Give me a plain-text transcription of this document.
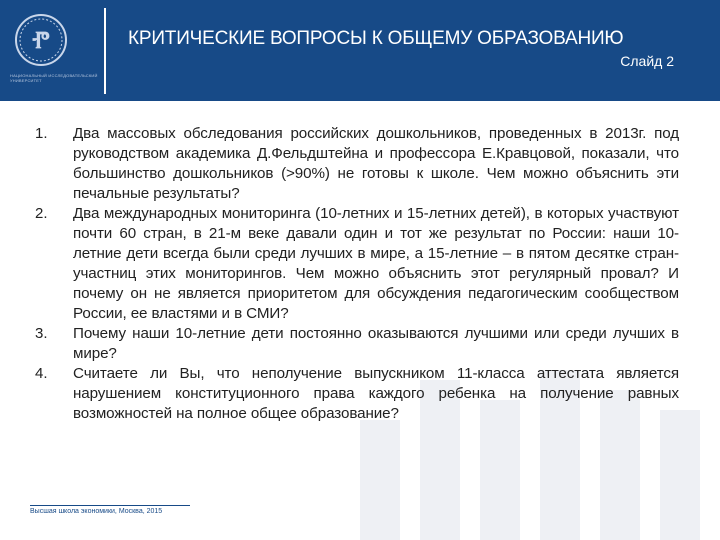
Ⱂ
НАЦИОНАЛЬНЫЙ ИССЛЕДОВАТЕЛЬСКИЙ УНИВЕРСИТЕТ
КРИТИЧЕСКИЕ ВОПРОСЫ К ОБЩЕМУ ОБРАЗОВАНИЮ
Слайд 2
1. Два массовых обследования российских дошкольников, проведенных в 2013г. под руководством академика Д.Фельдштейна и профессора Е.Кравцовой, показали, что большинство дошкольников (>90%) не готовы к школе. Чем можно объяснить эти печальные результаты?
2. Два международных мониторинга (10-летних и 15-летних детей), в которых участвуют почти 60 стран, в 21-м веке давали один и тот же результат по России: наши 10-летние дети всегда были среди лучших в мире, а 15-летние – в пятом десятке стран-участниц этих мониторингов. Чем можно объяснить этот регулярный провал? И почему он не является приоритетом для обсуждения педагогическим сообществом России, ее властями и в СМИ?
3. Почему наши 10-летние дети постоянно оказываются лучшими или среди лучших в мире?
4. Считаете ли Вы, что неполучение выпускником 11-класса аттестата является нарушением конституционного права каждого ребенка на получение равных возможностей на полное общее образование?
Высшая школа экономики, Москва, 2015
